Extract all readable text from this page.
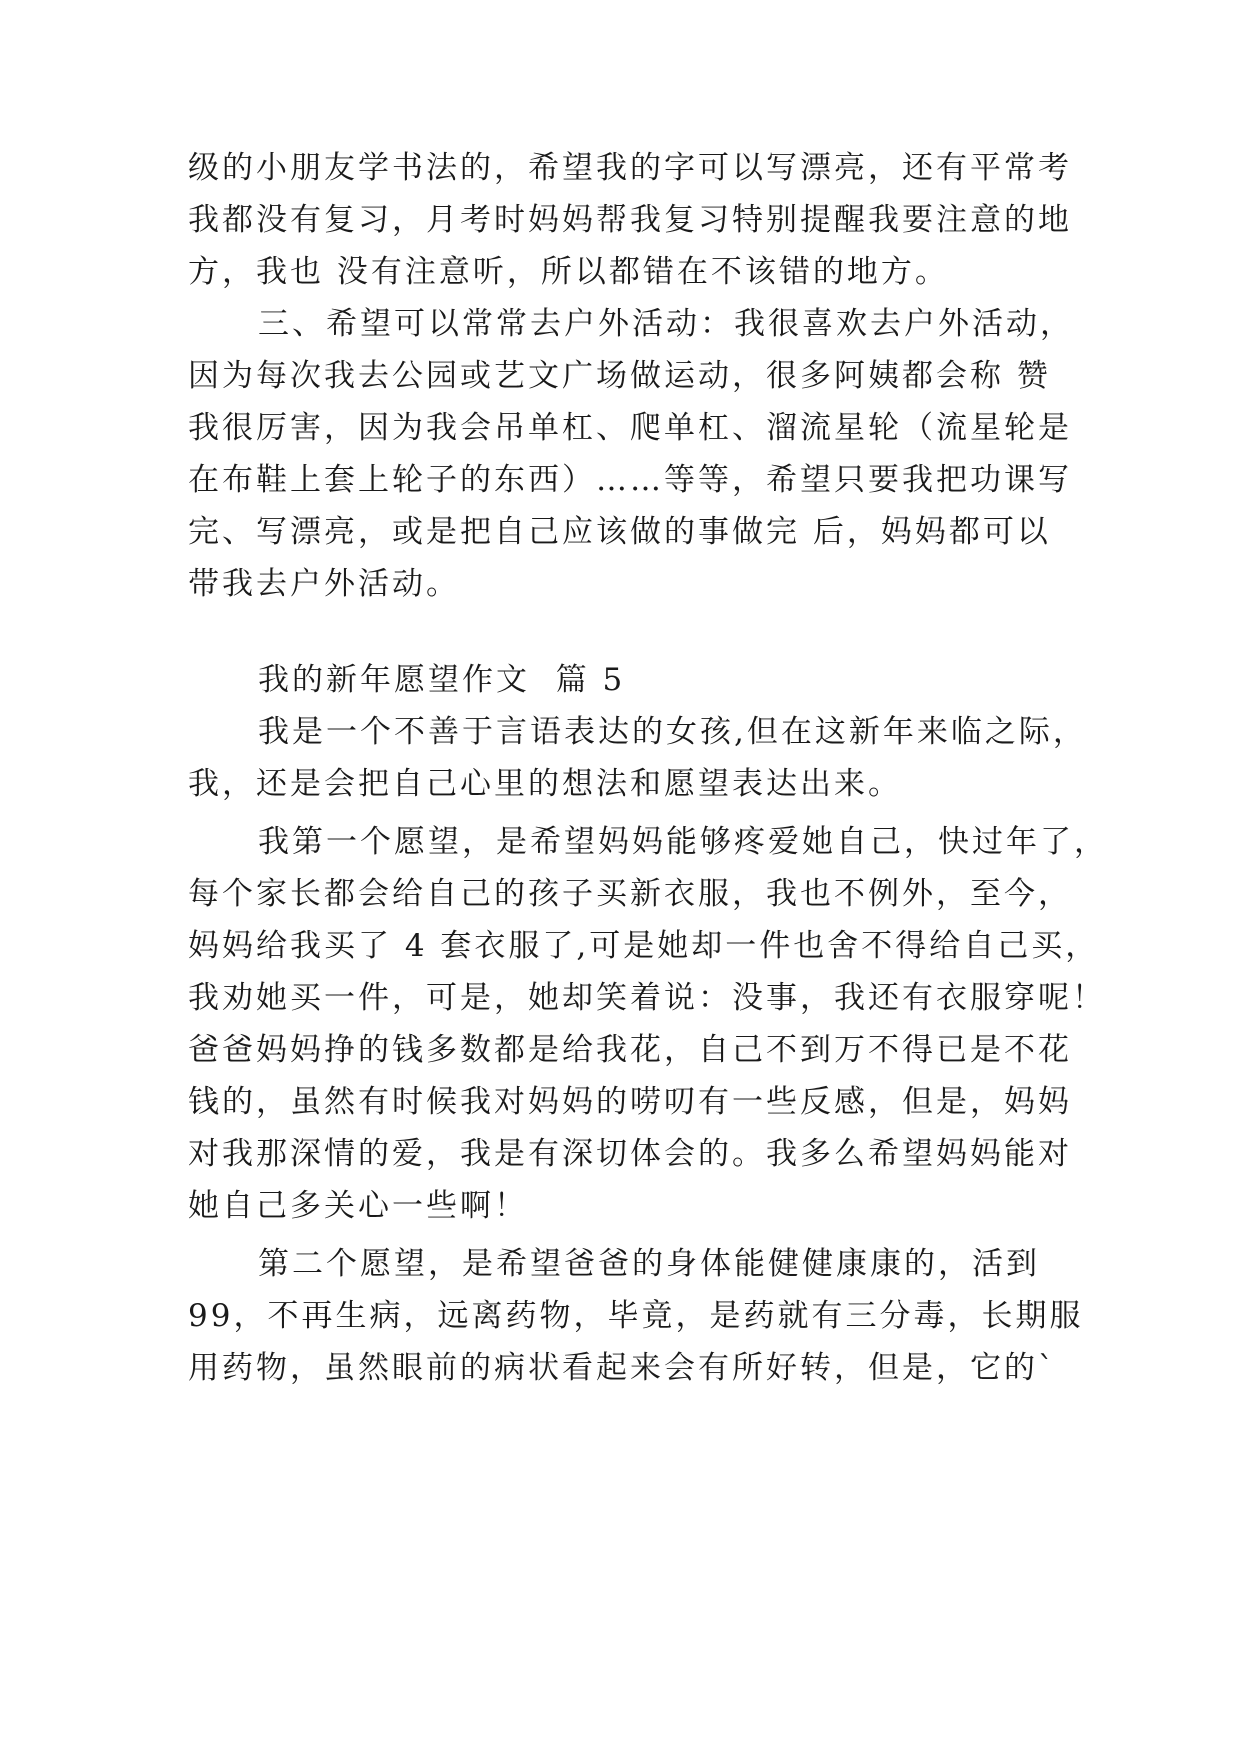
级的小朋友学书法的，希望我的字可以写漂亮，还有平常考
我都没有复习，月考时妈妈帮我复习特别提醒我要注意的地
方，我也 没有注意听，所以都错在不该错的地方。
三、希望可以常常去户外活动：我很喜欢去户外活动，
因为每次我去公园或艺文广场做运动，很多阿姨都会称 赞
我很厉害，因为我会吊单杠、爬单杠、溜流星轮（流星轮是
在布鞋上套上轮子的东西）……等等，希望只要我把功课写
完、写漂亮，或是把自己应该做的事做完 后，妈妈都可以
带我去户外活动。
我的新年愿望作文  篇 5
我是一个不善于言语表达的女孩,但在这新年来临之际，
我，还是会把自己心里的想法和愿望表达出来。
我第一个愿望，是希望妈妈能够疼爱她自己，快过年了，
每个家长都会给自己的孩子买新衣服，我也不例外，至今，
妈妈给我买了 4 套衣服了,可是她却一件也舍不得给自己买，
我劝她买一件，可是，她却笑着说：没事，我还有衣服穿呢！
爸爸妈妈挣的钱多数都是给我花，自己不到万不得已是不花
钱的，虽然有时候我对妈妈的唠叨有一些反感，但是，妈妈
对我那深情的爱，我是有深切体会的。我多么希望妈妈能对
她自己多关心一些啊！
第二个愿望，是希望爸爸的身体能健健康康的，活到
99，不再生病，远离药物，毕竟，是药就有三分毒，长期服
用药物，虽然眼前的病状看起来会有所好转，但是，它的`
